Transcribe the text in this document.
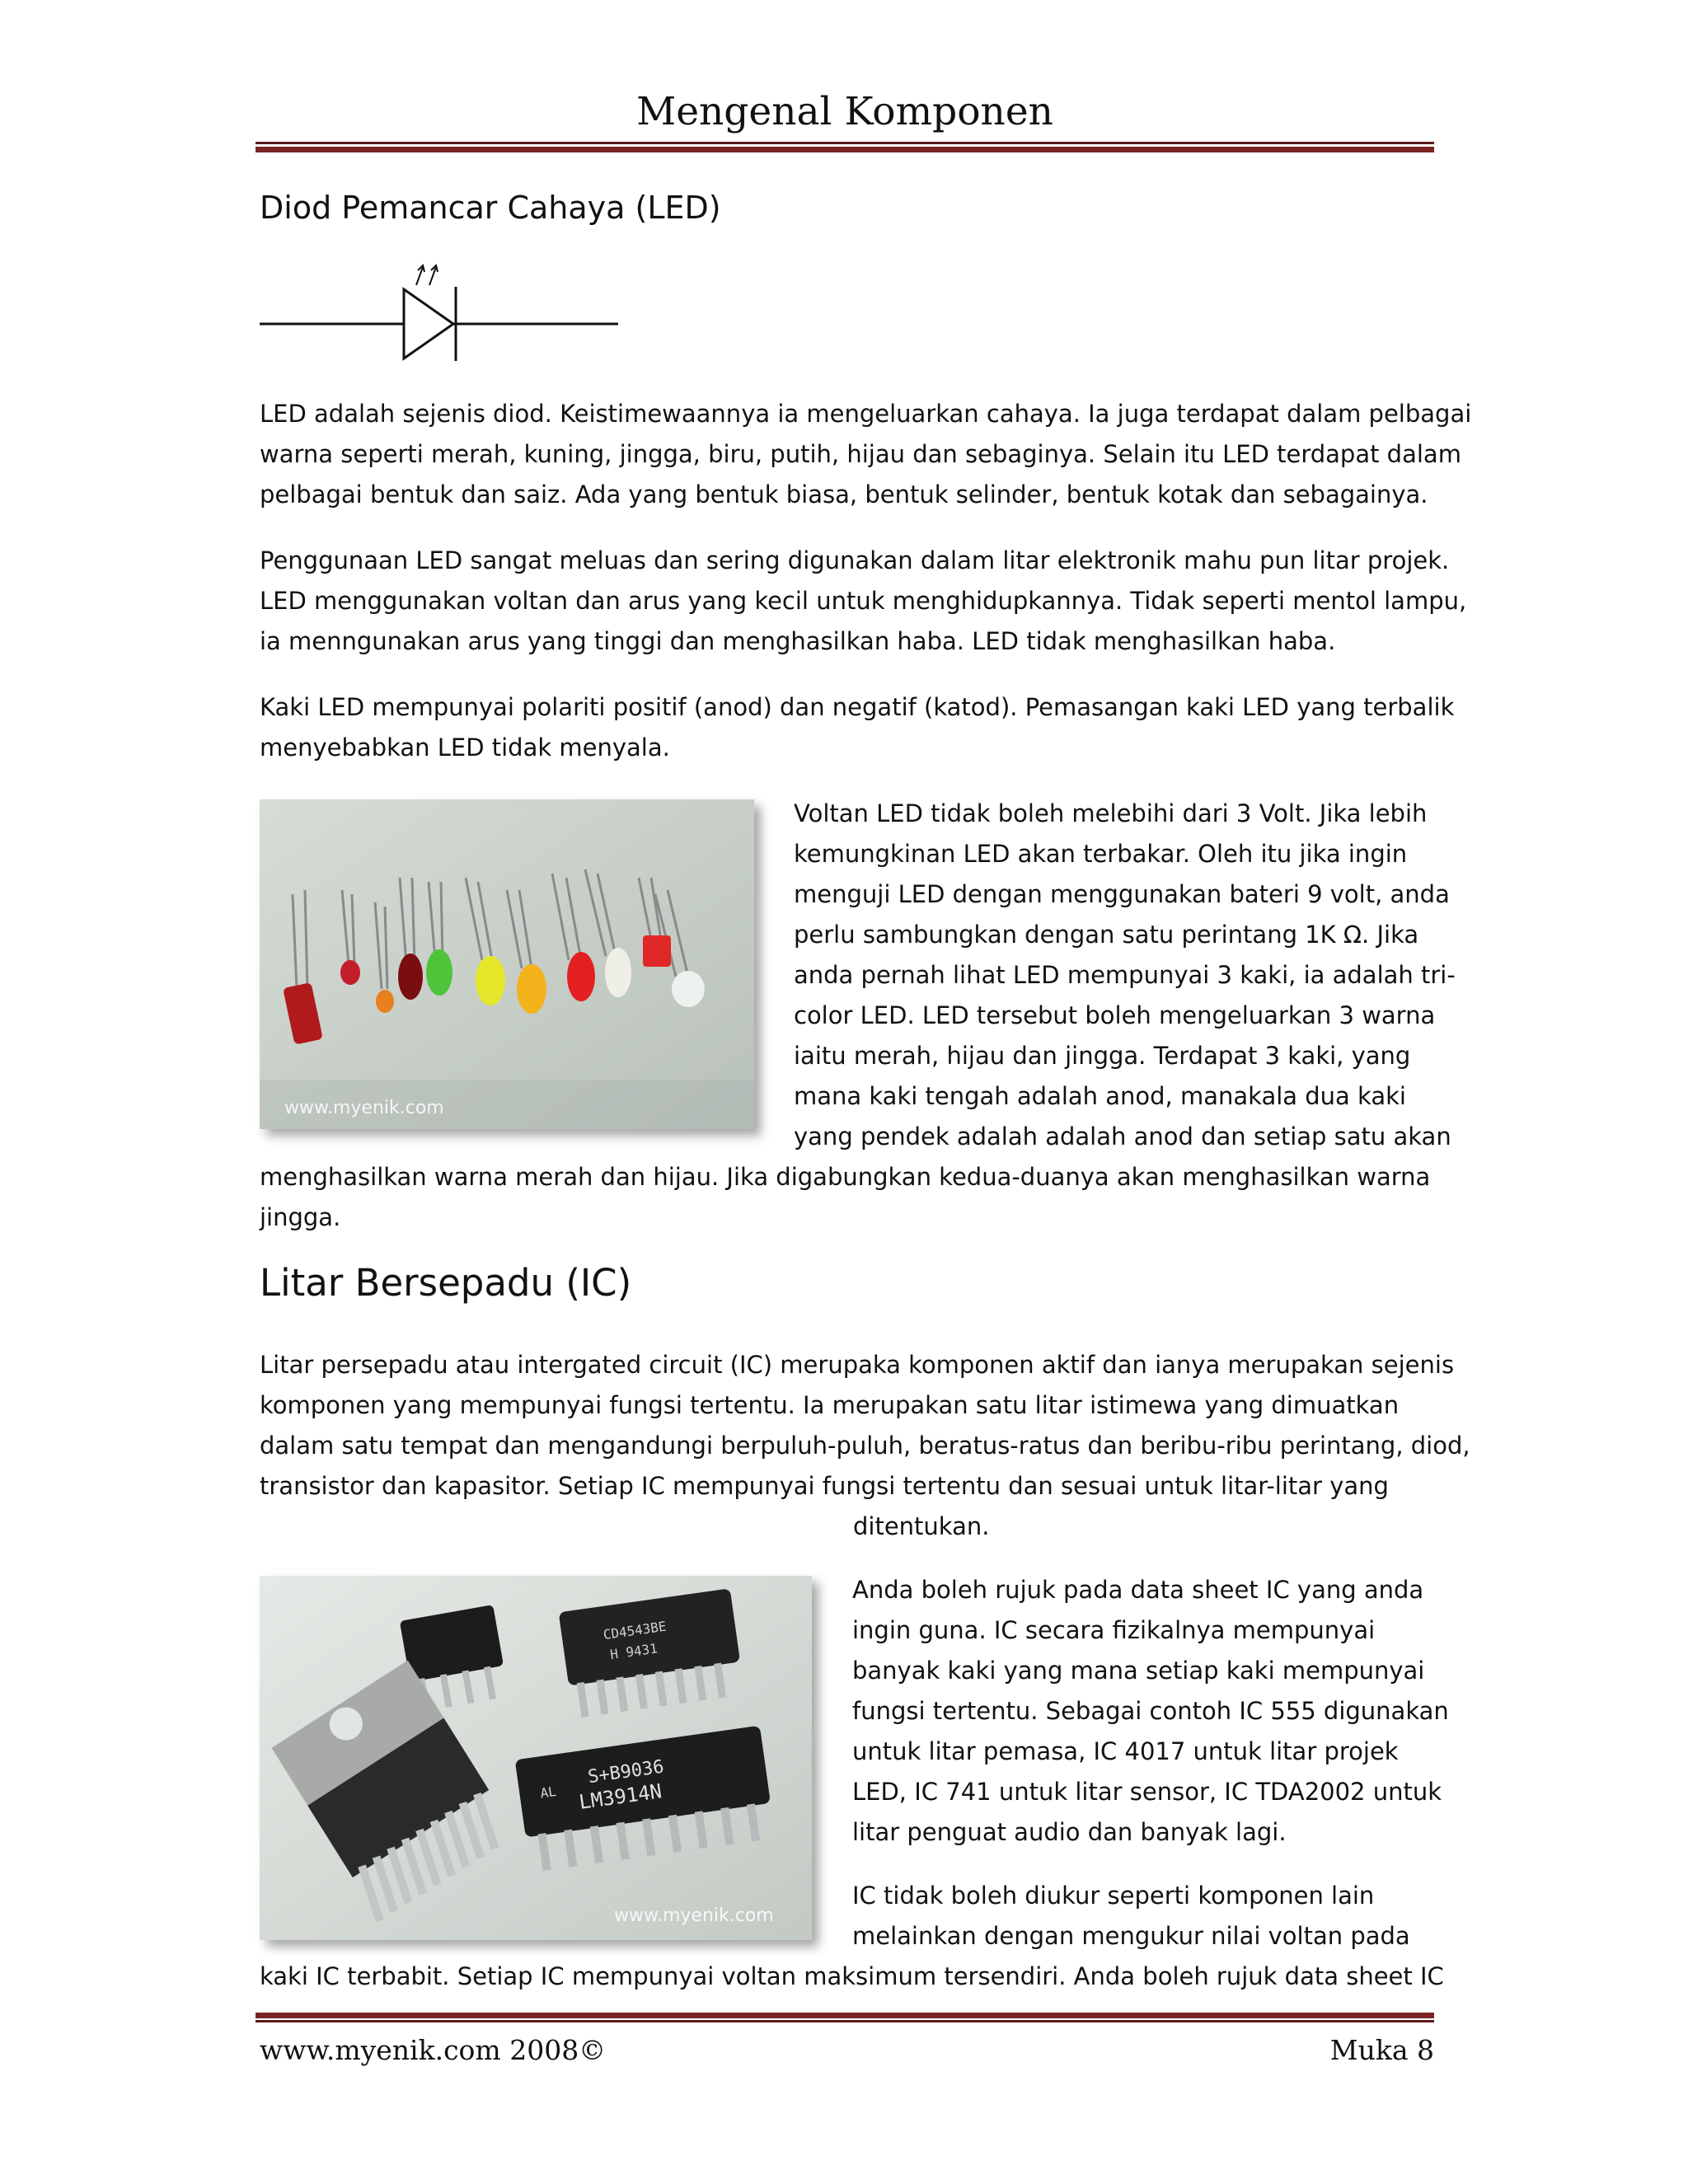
Mengenal Komponen
Diod Pemancar Cahaya (LED)
LED adalah sejenis diod. Keistimewaannya ia mengeluarkan cahaya. Ia juga terdapat dalam pelbagai
warna seperti merah, kuning, jingga, biru, putih, hijau dan sebaginya. Selain itu LED terdapat dalam
pelbagai bentuk dan saiz. Ada yang bentuk biasa, bentuk selinder, bentuk kotak dan sebagainya.
Penggunaan LED sangat meluas dan sering digunakan dalam litar elektronik mahu pun litar projek.
LED menggunakan voltan dan arus yang kecil untuk menghidupkannya. Tidak seperti mentol lampu,
ia menngunakan arus yang tinggi dan menghasilkan haba. LED tidak menghasilkan haba.
Kaki LED mempunyai polariti positif (anod) dan negatif (katod). Pemasangan kaki LED yang terbalik
menyebabkan LED tidak menyala.
www.myenik.com
Voltan LED tidak boleh melebihi dari 3 Volt. Jika lebih
kemungkinan LED akan terbakar. Oleh itu jika ingin
menguji LED dengan menggunakan bateri 9 volt, anda
perlu sambungkan dengan satu perintang 1K Ω. Jika
anda pernah lihat LED mempunyai 3 kaki, ia adalah tri-
color LED. LED tersebut boleh mengeluarkan 3 warna
iaitu merah, hijau dan jingga. Terdapat 3 kaki, yang
mana kaki tengah adalah anod, manakala dua kaki
yang pendek adalah adalah anod dan setiap satu akan
menghasilkan warna merah dan hijau. Jika digabungkan kedua-duanya akan menghasilkan warna
jingga.
Litar Bersepadu (IC)
Litar persepadu atau intergated circuit (IC) merupaka komponen aktif dan ianya merupakan sejenis
komponen yang mempunyai fungsi tertentu. Ia merupakan satu litar istimewa yang dimuatkan
dalam satu tempat dan mengandungi berpuluh-puluh, beratus-ratus dan beribu-ribu perintang, diod,
transistor dan kapasitor. Setiap IC mempunyai fungsi tertentu dan sesuai untuk litar-litar yang
ditentukan.
CD4543BE
H 9431
AL
S+B9036
LM3914N
www.myenik.com
Anda boleh rujuk pada data sheet IC yang anda
ingin guna. IC secara fizikalnya mempunyai
banyak kaki yang mana setiap kaki mempunyai
fungsi tertentu. Sebagai contoh IC 555 digunakan
untuk litar pemasa, IC 4017 untuk litar projek
LED, IC 741 untuk litar sensor, IC TDA2002 untuk
litar penguat audio dan banyak lagi.
IC tidak boleh diukur seperti komponen lain
melainkan dengan mengukur nilai voltan pada
kaki IC terbabit. Setiap IC mempunyai voltan maksimum tersendiri. Anda boleh rujuk data sheet IC
www.myenik.com 2008©	Muka 8
